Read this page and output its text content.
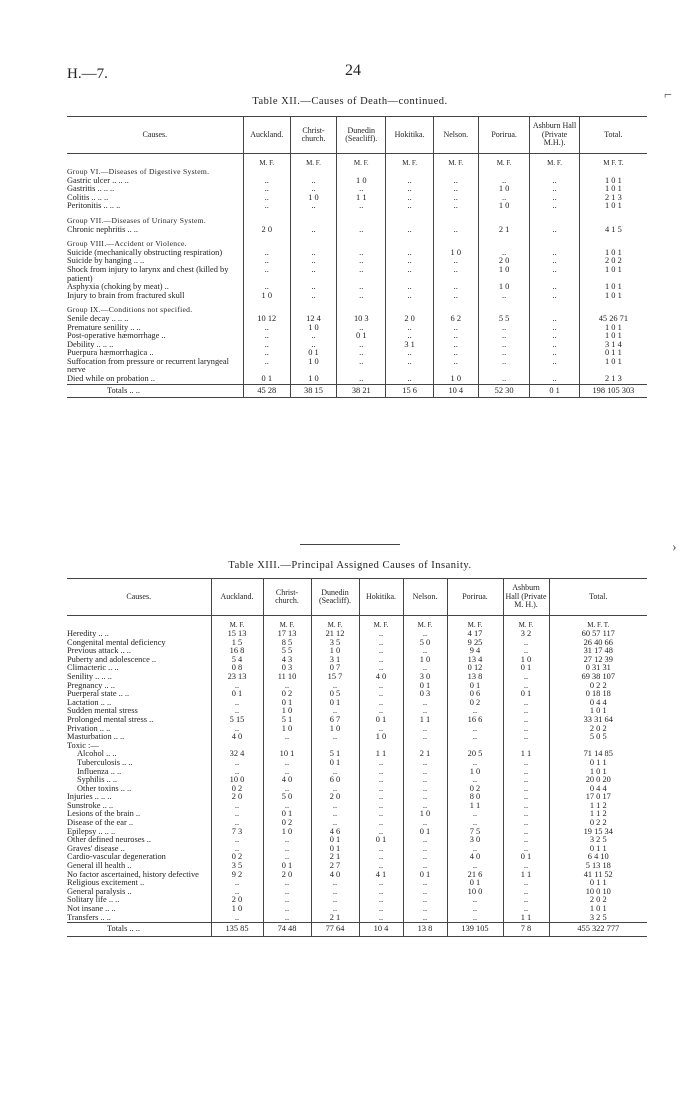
H.—7.	24
Table XII.—Causes of Death—continued.
Causes.	Auckland.	Christ-church.	Dunedin (Seacliff).	Hokitika.	Nelson.	Porirua.	Ashburn Hall (Private M.H.).	Total.
	M. F.	M. F.	M. F.	M. F.	M. F.	M. F.	M. F.	M F. T.
Group VI.—Diseases of Digestive System.								
Gastric ulcer .. .. ..	..	..	1 0	..	..	..	..	1 0 1
Gastritis .. .. ..	..	..	..	..	..	1 0	..	1 0 1
Colitis .. .. ..	..	1 0	1 1	..	..	..	..	2 1 3
Peritonitis .. .. ..	..	..	..	..	..	1 0	..	1 0 1

Group VII.—Diseases of Urinary System.								
Chronic nephritis .. ..	2 0	..	..	..	..	2 1	..	4 1 5

Group VIII.—Accident or Violence.								
Suicide (mechanically obstructing respiration)	..	..	..	..	1 0	..	..	1 0 1
Suicide by hanging .. ..	..	..	..	..	..	2 0	..	2 0 2
Shock from injury to larynx and chest (killed by patient)	..	..	..	..	..	1 0	..	1 0 1
Asphyxia (choking by meat) ..	..	..	..	..	..	1 0	..	1 0 1
Injury to brain from fractured skull	1 0	..	..	..	..	..	..	1 0 1

Group IX.—Conditions not specified.								
Senile decay .. .. ..	10 12	12 4	10 3	2 0	6 2	5 5	..	45 26 71
Premature senility .. ..	..	1 0	..	..	..	..	..	1 0 1
Post-operative hæmorrhage ..	..	..	0 1	..	..	..	..	1 0 1
Debility .. .. ..	..	..	..	3 1	..	..	..	3 1 4
Puerpura hæmorrhagica ..	..	0 1	..	..	..	..	..	0 1 1
Suffocation from pressure or recurrent laryngeal nerve	..	1 0	..	..	..	..	..	1 0 1
Died while on probation ..	0 1	1 0	..	..	1 0	..	..	2 1 3
Totals .. ..	45 28	38 15	38 21	15 6	10 4	52 30	0 1	198 105 303
Table XIII.—Principal Assigned Causes of Insanity.
Causes.	Auckland.	Christ-church.	Dunedin (Seacliff).	Hokitika.	Nelson.	Porirua.	Ashburn Hall (Private M. H.).	Total.
	M. F.	M. F.	M. F.	M. F.	M. F.	M. F.	M. F.	M. F. T.
Heredity .. ..	15 13	17 13	21 12	..	..	4 17	3 2	60 57 117
Congenital mental deficiency	1 5	8 5	3 5	..	5 0	9 25	..	26 40 66
Previous attack .. ..	16 8	5 5	1 0	..	..	9 4	..	31 17 48
Puberty and adolescence ..	5 4	4 3	3 1	..	1 0	13 4	1 0	27 12 39
Climacteric .. ..	0 8	0 3	0 7	..	..	0 12	0 1	0 31 31
Senility .. .. ..	23 13	11 10	15 7	4 0	3 0	13 8	..	69 38 107
Pregnancy .. ..	..	..	..	..	0 1	0 1	..	0 2 2
Puerperal state .. ..	0 1	0 2	0 5	..	0 3	0 6	0 1	0 18 18
Lactation .. ..	..	0 1	0 1	..	..	0 2	..	0 4 4
Sudden mental stress	..	1 0	..	..	..	..	..	1 0 1
Prolonged mental stress ..	5 15	5 1	6 7	0 1	1 1	16 6	..	33 31 64
Privation .. ..	..	1 0	1 0	..	..	..	..	2 0 2
Masturbation .. ..	4 0	..	..	1 0	..	..	..	5 0 5
Toxic :—								
Alcohol .. ..	32 4	10 1	5 1	1 1	2 1	20 5	1 1	71 14 85
Tuberculosis .. ..	..	..	0 1	..	..	..	..	0 1 1
Influenza .. ..	..	..	..	..	..	1 0	..	1 0 1
Syphilis .. ..	10 0	4 0	6 0	..	..	..	..	20 0 20
Other toxins .. ..	0 2	..	..	..	..	0 2	..	0 4 4
Injuries .. .. ..	2 0	5 0	2 0	..	..	8 0	..	17 0 17
Sunstroke .. ..	..	..	..	..	..	1 1	..	1 1 2
Lesions of the brain ..	..	0 1	..	..	1 0	..	..	1 1 2
Disease of the ear ..	..	0 2	..	..	..	..	..	0 2 2
Epilepsy .. .. ..	7 3	1 0	4 6	..	0 1	7 5	..	19 15 34
Other defined neuroses ..	..	..	0 1	0 1	..	3 0	..	3 2 5
Graves' disease ..	..	..	0 1	..	..	..	..	0 1 1
Cardio-vascular degeneration	0 2	..	2 1	..	..	4 0	0 1	6 4 10
General ill health ..	3 5	0 1	2 7	..	..	..	..	5 13 18
No factor ascertained, history defective	9 2	2 0	4 0	4 1	0 1	21 6	1 1	41 11 52
Religious excitement ..	..	..	..	..	..	0 1	..	0 1 1
General paralysis ..	..	..	..	..	..	10 0	..	10 0 10
Solitary life .. ..	2 0	..	..	..	..	..	..	2 0 2
Not insane .. ..	1 0	..	..	..	..	..	..	1 0 1
Transfers .. ..	..	..	2 1	..	..	..	1 1	3 2 5
Totals .. ..	135 85	74 48	77 64	10 4	13 8	139 105	7 8	455 322 777
⌐
›
